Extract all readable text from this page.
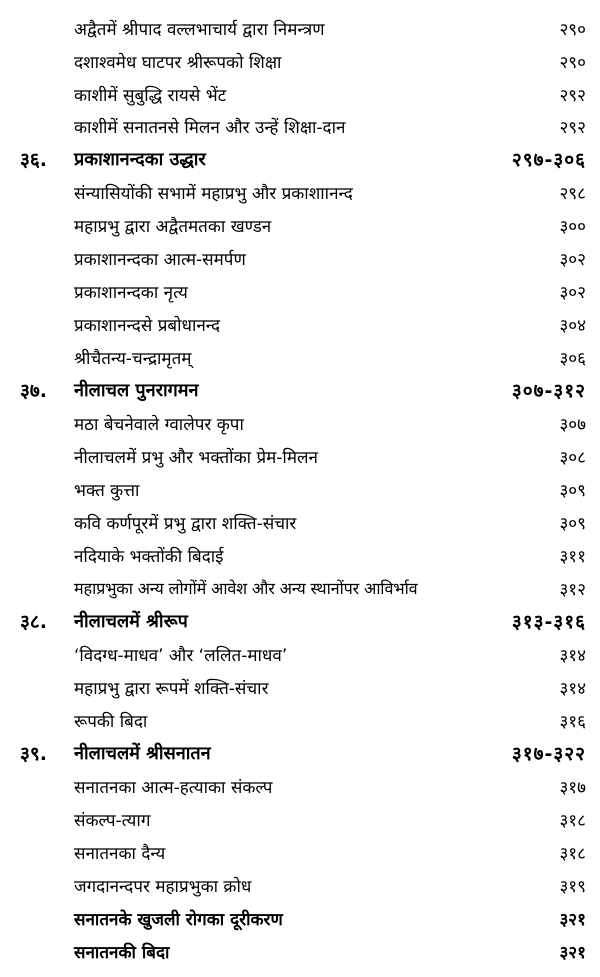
अद्वैतमें श्रीपाद वल्लभाचार्य द्वारा निमन्त्रण	२९०
दशाश्वमेध घाटपर श्रीरूपको शिक्षा	२९०
काशीमें सुबुद्धि रायसे भेंट	२९२
काशीमें सनातनसे मिलन और उन्हें शिक्षा-दान	२९२
३६. प्रकाशानन्दका उद्धार	२९७-३०६
संन्यासियोंकी सभामें महाप्रभु और प्रकाशाानन्द	२९८
महाप्रभु द्वारा अद्वैतमतका खण्डन	३००
प्रकाशानन्दका आत्म-समर्पण	३०२
प्रकाशानन्दका नृत्य	३०२
प्रकाशानन्दसे प्रबोधानन्द	३०४
श्रीचैतन्य-चन्द्रामृतम्	३०६
३७. नीलाचल पुनरागमन	३०७-३१२
मठा बेचनेवाले ग्वालेपर कृपा	३०७
नीलाचलमें प्रभु और भक्तोंका प्रेम-मिलन	३०८
भक्त कुत्ता	३०९
कवि कर्णपूरमें प्रभु द्वारा शक्ति-संचार	३०९
नदियाके भक्तोंकी बिदाई	३११
महाप्रभुका अन्य लोगोंमें आवेश और अन्य स्थानोंपर आविर्भाव	३१२
३८. नीलाचलमें श्रीरूप	३१३-३१६
‘विदग्ध-माधव’ और ‘ललित-माधव’	३१४
महाप्रभु द्वारा रूपमें शक्ति-संचार	३१४
रूपकी बिदा	३१६
३९. नीलाचलमें श्रीसनातन	३१७-३२२
सनातनका आत्म-हत्याका संकल्प	३१७
संकल्प-त्याग	३१८
सनातनका दैन्य	३१८
जगदानन्दपर महाप्रभुका क्रोध	३१९
सनातनके खुजली रोगका दूरीकरण	३२१
सनातनकी बिदा	३२१
